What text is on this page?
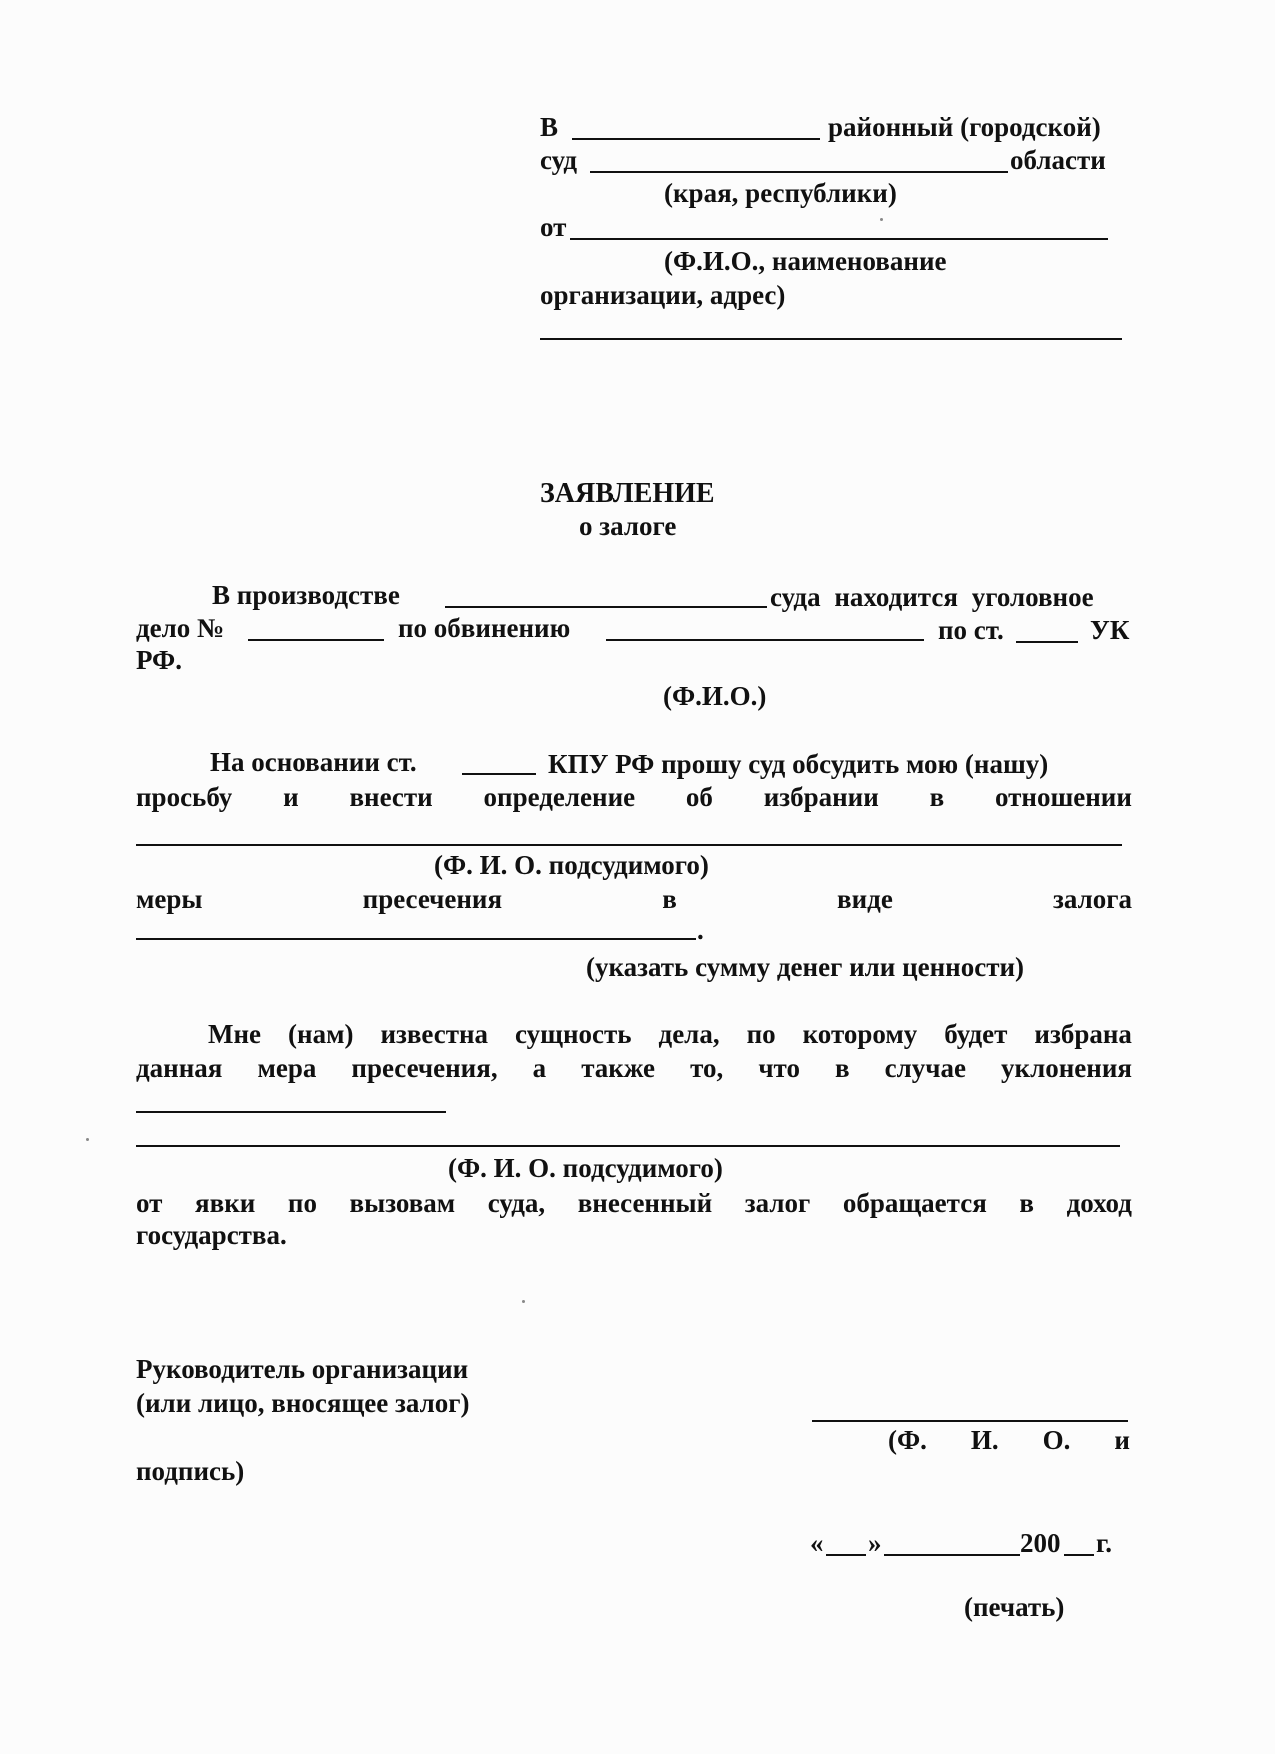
В	районный (городской)
суд	области
(края, республики)
от
(Ф.И.О., наименование
организации, адрес)
ЗАЯВЛЕНИЕ
о залоге
В производстве	суда находится уголовное
дело №	по обвинению	по ст.	УК
РФ.
(Ф.И.О.)
На основании ст.	КПУ РФ прошу суд обсудить мою (нашу)
просьбу и внести определение об избрании в отношении
(Ф. И. О. подсудимого)
меры	пресечения	в	виде	залога
.
(указать сумму денег или ценности)
Мне (нам) известна сущность дела, по которому будет избрана
данная мера пресечения, а также то, что в случае уклонения
(Ф. И. О. подсудимого)
от явки по вызовам суда, внесенный залог обращается в доход
государства.
Руководитель организации
(или лицо, вносящее залог)
(Ф. И. О. и
подпись)
« »	200 г.
(печать)
